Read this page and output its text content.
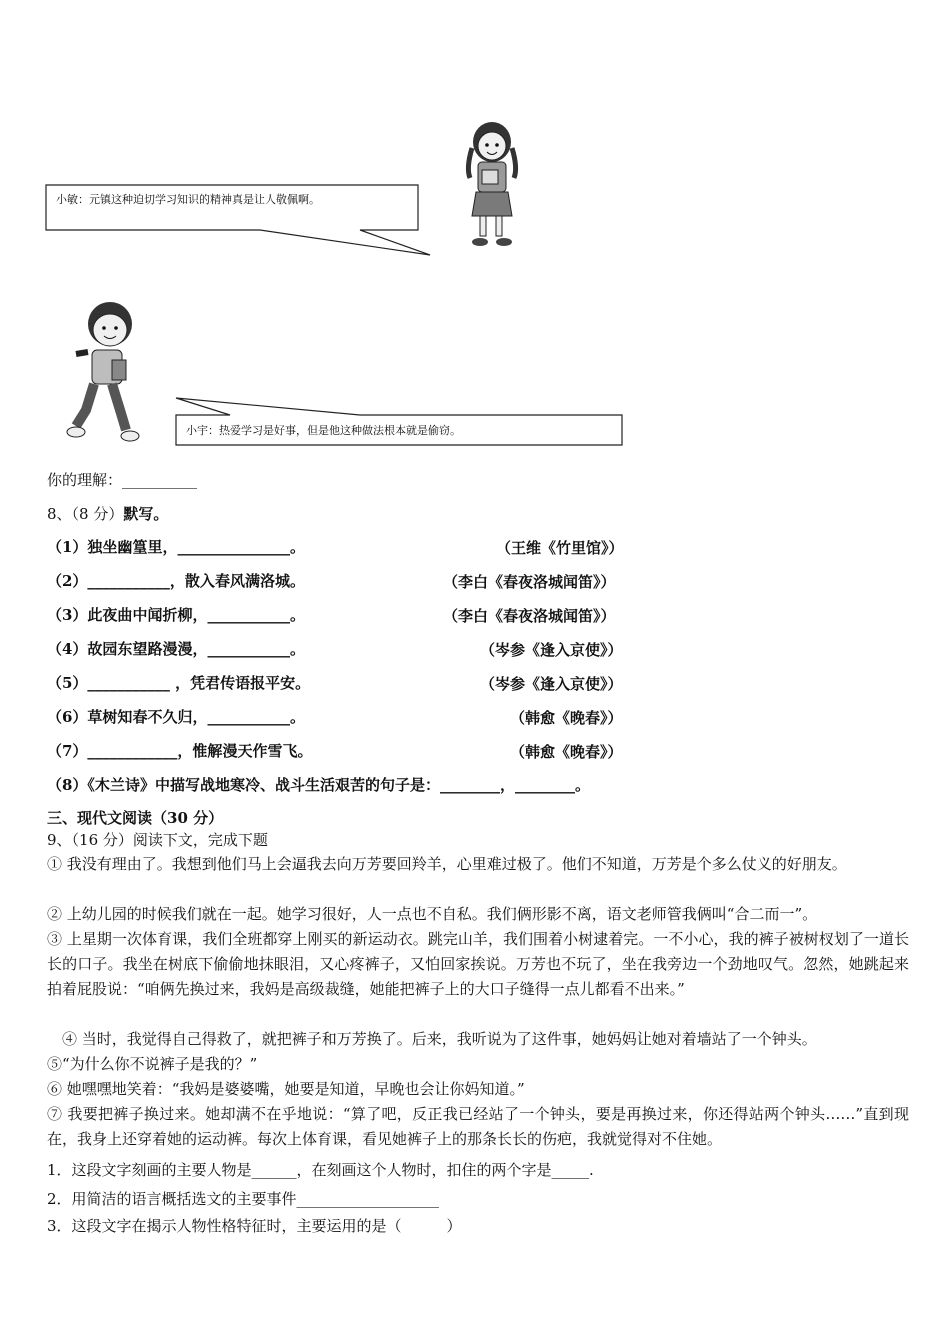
小敏：元镇这种迫切学习知识的精神真是让人敬佩啊。
小宇：热爱学习是好事，但是他这种做法根本就是偷窃。
你的理解：__________
8、（8 分）默写。
（1）独坐幽篁里，_______________。	（王维《竹里馆》）
（2）___________，散入春风满洛城。	（李白《春夜洛城闻笛》）
（3）此夜曲中闻折柳，___________。	（李白《春夜洛城闻笛》）
（4）故园东望路漫漫，___________。	（岑参《逢入京使》）
（5）___________ ，凭君传语报平安。	（岑参《逢入京使》）
（6）草树知春不久归，___________。	（韩愈《晚春》）
（7）____________，惟解漫天作雪飞。	（韩愈《晚春》）
（8）《木兰诗》中描写战地寒冷、战斗生活艰苦的句子是：________，________。
三、现代文阅读（30 分）
9、（16 分）阅读下文，完成下题
① 我没有理由了。我想到他们马上会逼我去向万芳要回羚羊，心里难过极了。他们不知道，万芳是个多么仗义的好朋友。
② 上幼儿园的时候我们就在一起。她学习很好，人一点也不自私。我们俩形影不离，语文老师管我俩叫“合二而一”。
③ 上星期一次体育课，我们全班都穿上刚买的新运动衣。跳完山羊，我们围着小树逮着完。一不小心，我的裤子被树杈划了一道长长的口子。我坐在树底下偷偷地抹眼泪，又心疼裤子，又怕回家挨说。万芳也不玩了，坐在我旁边一个劲地叹气。忽然，她跳起来拍着屁股说：“咱俩先换过来，我妈是高级裁缝，她能把裤子上的大口子缝得一点儿都看不出来。”
④ 当时，我觉得自己得救了，就把裤子和万芳换了。后来，我听说为了这件事，她妈妈让她对着墙站了一个钟头。
⑤“为什么你不说裤子是我的？”
⑥ 她嘿嘿地笑着：“我妈是婆婆嘴，她要是知道，早晚也会让你妈知道。”
⑦ 我要把裤子换过来。她却满不在乎地说：“算了吧，反正我已经站了一个钟头，要是再换过来，你还得站两个钟头……”直到现在，我身上还穿着她的运动裤。每次上体育课，看见她裤子上的那条长长的伤疤，我就觉得对不住她。
1．这段文字刻画的主要人物是______，在刻画这个人物时，扣住的两个字是_____.
2．用简洁的语言概括选文的主要事件___________________
3．这段文字在揭示人物性格特征时，主要运用的是（　　　）
